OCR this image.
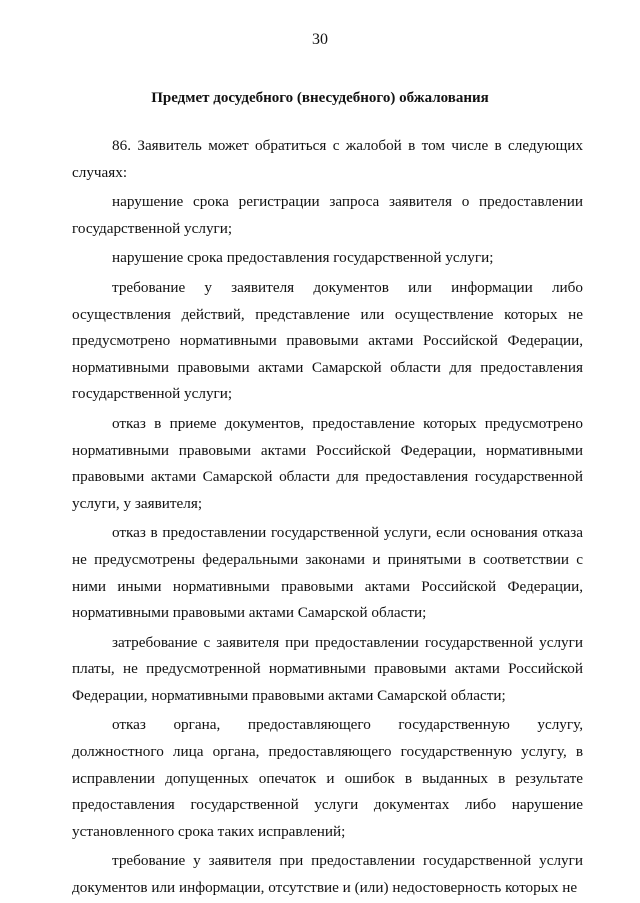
30
Предмет досудебного (внесудебного) обжалования

86. Заявитель может обратиться с жалобой в том числе в следующих случаях:

нарушение срока регистрации запроса заявителя о предоставлении государственной услуги;

нарушение срока предоставления государственной услуги;

требование у заявителя документов или информации либо осуществления действий, представление или осуществление которых не предусмотрено нормативными правовыми актами Российской Федерации, нормативными правовыми актами Самарской области для предоставления государственной услуги;

отказ в приеме документов, предоставление которых предусмотрено нормативными правовыми актами Российской Федерации, нормативными правовыми актами Самарской области для предоставления государственной услуги, у заявителя;

отказ в предоставлении государственной услуги, если основания отказа не предусмотрены федеральными законами и принятыми в соответствии с ними иными нормативными правовыми актами Российской Федерации, нормативными правовыми актами Самарской области;

затребование с заявителя при предоставлении государственной услуги платы, не предусмотренной нормативными правовыми актами Российской Федерации, нормативными правовыми актами Самарской области;

отказ органа, предоставляющего государственную услугу, должностного лица органа, предоставляющего государственную услугу, в исправлении допущенных опечаток и ошибок в выданных в результате предоставления государственной услуги документах либо нарушение установленного срока таких исправлений;

требование у заявителя при предоставлении государственной услуги документов или информации, отсутствие и (или) недостоверность которых не
